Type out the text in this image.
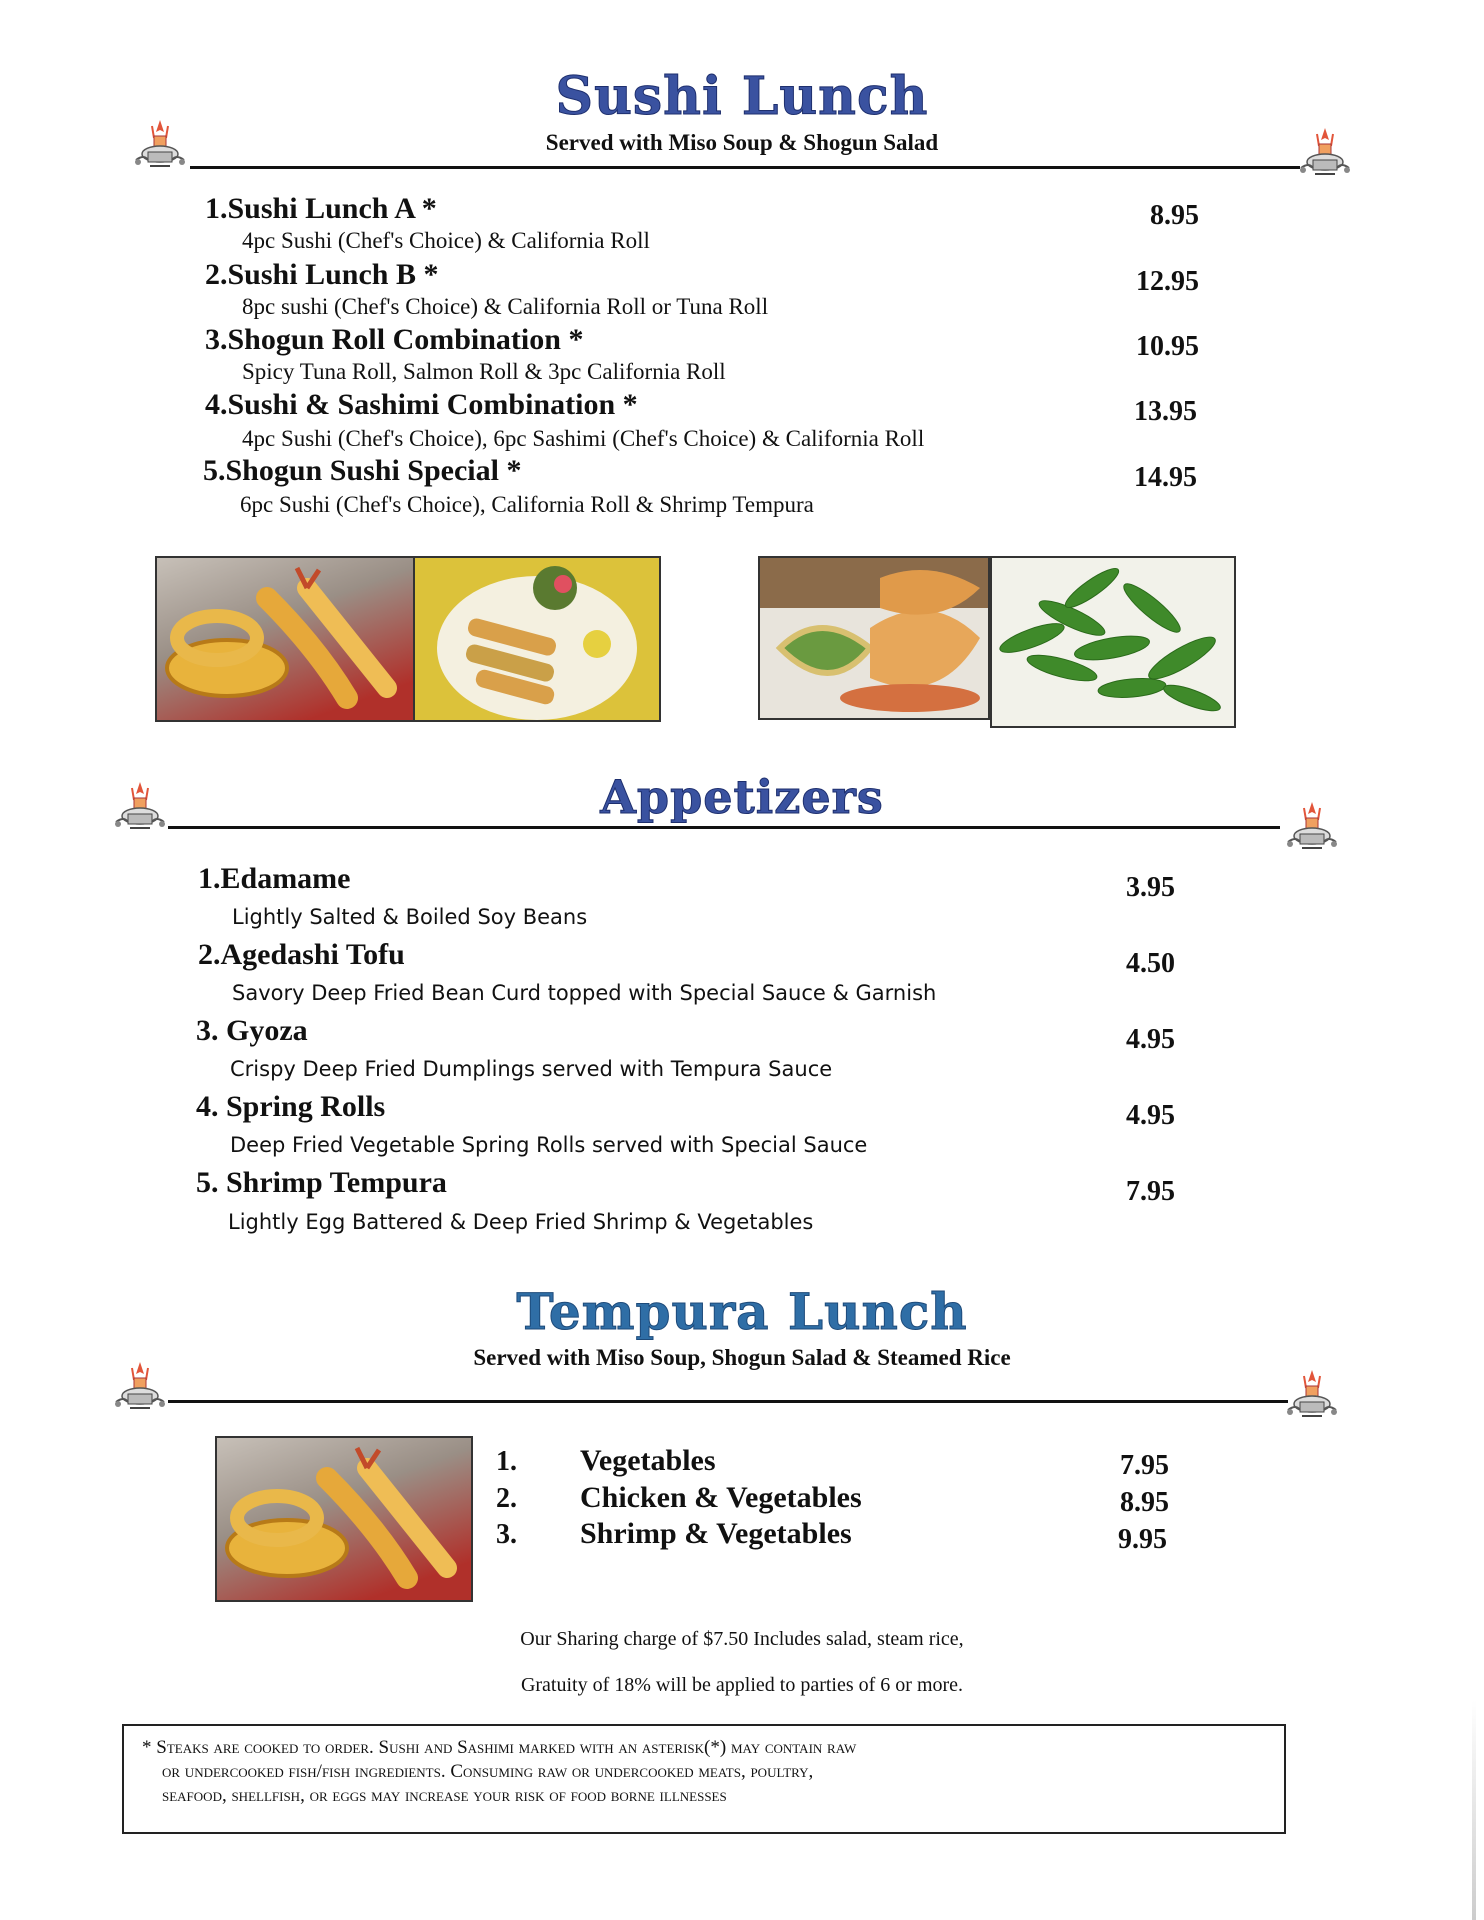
Sushi Lunch
Served with Miso Soup & Shogun Salad
1.Sushi Lunch A *
4pc Sushi (Chef's Choice) & California Roll
8.95
2.Sushi Lunch B *
8pc sushi (Chef's Choice) & California Roll or Tuna Roll
12.95
3.Shogun Roll Combination *
Spicy Tuna Roll, Salmon Roll & 3pc California Roll
10.95
4.Sushi & Sashimi Combination *
4pc Sushi (Chef's Choice), 6pc Sashimi (Chef's Choice) & California Roll
13.95
5.Shogun Sushi Special *
6pc Sushi (Chef's Choice), California Roll & Shrimp Tempura
14.95
Appetizers
1.Edamame
Lightly Salted & Boiled Soy Beans
3.95
2.Agedashi Tofu
Savory Deep Fried Bean Curd topped with Special Sauce & Garnish
4.50
3. Gyoza
Crispy Deep Fried Dumplings served with Tempura Sauce
4.95
4. Spring Rolls
Deep Fried Vegetable Spring Rolls served with Special Sauce
4.95
5. Shrimp Tempura
Lightly Egg Battered & Deep Fried Shrimp & Vegetables
7.95
Tempura Lunch
Served with Miso Soup, Shogun Salad & Steamed Rice
1. Vegetables	7.95
2. Chicken & Vegetables	8.95
3. Shrimp & Vegetables	9.95
Our Sharing charge of $7.50 Includes salad, steam rice,
Gratuity of 18% will be applied to parties of 6 or more.
* Steaks are cooked to order. Sushi and Sashimi marked with an asterisk(*) may contain raw
or undercooked fish/fish ingredients. Consuming raw or undercooked meats, poultry,
seafood, shellfish, or eggs may increase your risk of food borne illnesses
